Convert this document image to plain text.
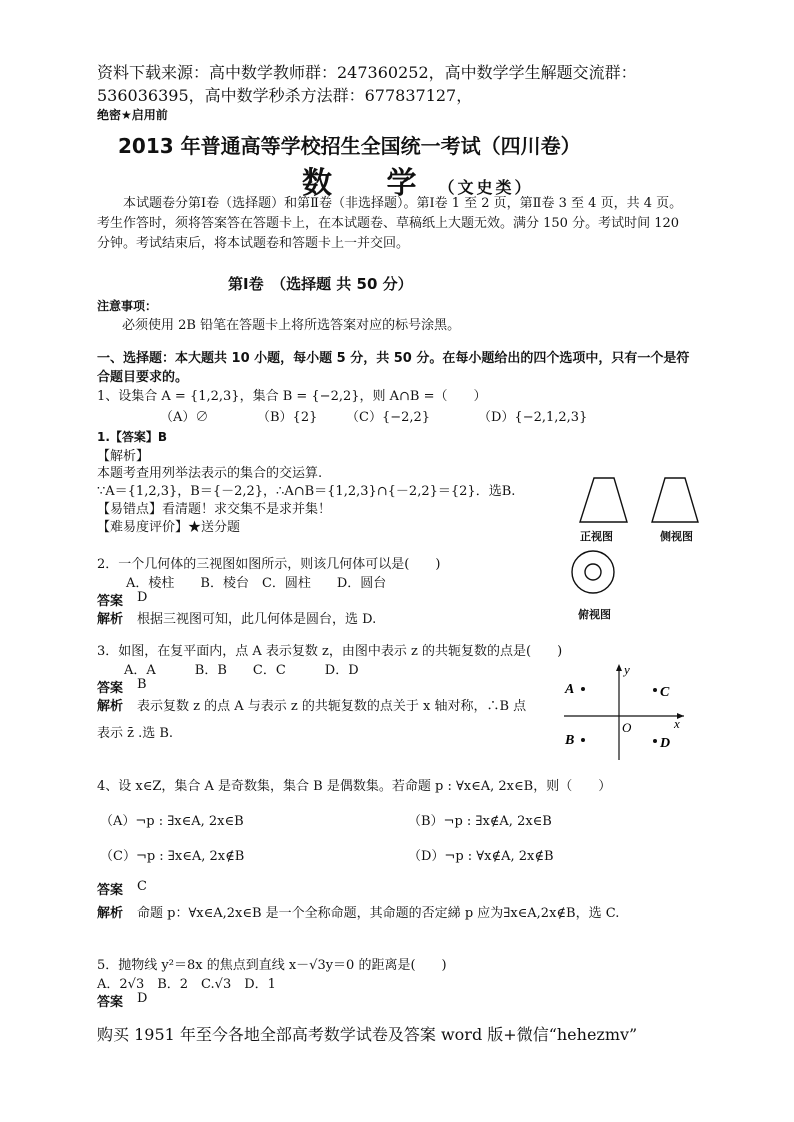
资料下载来源：高中数学教师群：247360252，高中数学学生解题交流群：
536036395，高中数学秒杀方法群：677837127，
绝密★启用前
2013 年普通高等学校招生全国统一考试（四川卷）
数 学（文史类）
本试题卷分第Ⅰ卷（选择题）和第Ⅱ卷（非选择题）。第Ⅰ卷 1 至 2 页，第Ⅱ卷 3 至 4 页，共 4 页。考生作答时，须将答案答在答题卡上，在本试题卷、草稿纸上大题无效。满分 150 分。考试时间 120 分钟。考试结束后，将本试题卷和答题卡上一并交回。
第Ⅰ卷　（选择题 共 50 分）
注意事项：
必须使用 2B 铅笔在答题卡上将所选答案对应的标号涂黑。
一、选择题：本大题共 10 小题，每小题 5 分，共 50 分。在每小题给出的四个选项中，只有一个是符
合题目要求的。
1、设集合 A = {1,2,3}，集合 B = {−2,2}，则 A∩B =（　　）
（A）∅	（B）{2} （C）{−2,2}	（D）{−2,1,2,3}
1.【答案】B
【解析】
本题考查用列举法表示的集合的交运算.
∵A＝{1,2,3}，B＝{－2,2}，∴A∩B＝{1,2,3}∩{－2,2}＝{2}．选B.
【易错点】看清题！求交集不是求并集！
【难易度评价】★送分题
正视图	侧视图
俯视图
2．一个几何体的三视图如图所示，则该几何体可以是(　　)
A．棱柱　　B．棱台　C．圆柱　　D．圆台
答案 D
解析 根据三视图可知，此几何体是圆台，选 D.
3．如图，在复平面内，点 A 表示复数 z，由图中表示 z 的共轭复数的点是(　　)
A．A　　　B．B　　C．C　　　D．D
答案 B
解析 表示复数 z 的点 A 与表示 z 的共轭复数的点关于 x 轴对称，∴B 点
表示 z̄ .选 B.
y
x
O
A
B
C
D
4、设 x∈Z，集合 A 是奇数集，集合 B 是偶数集。若命题 p : ∀x∈A, 2x∈B，则（　　）
（A）¬p : ∃x∈A, 2x∈B	（B）¬p : ∃x∉A, 2x∈B
（C）¬p : ∃x∈A, 2x∉B	（D）¬p : ∀x∉A, 2x∉B
答案 C
解析 命题 p：∀x∈A,2x∈B 是一个全称命题，其命题的否定綈 p 应为∃x∈A,2x∉B，选 C.
5．抛物线 y²＝8x 的焦点到直线 x－√3y＝0 的距离是(　　)
A．2√3　B．2　C.√3　D．1
答案 D
购买 1951 年至今各地全部高考数学试卷及答案 word 版+微信“hehezmv”
